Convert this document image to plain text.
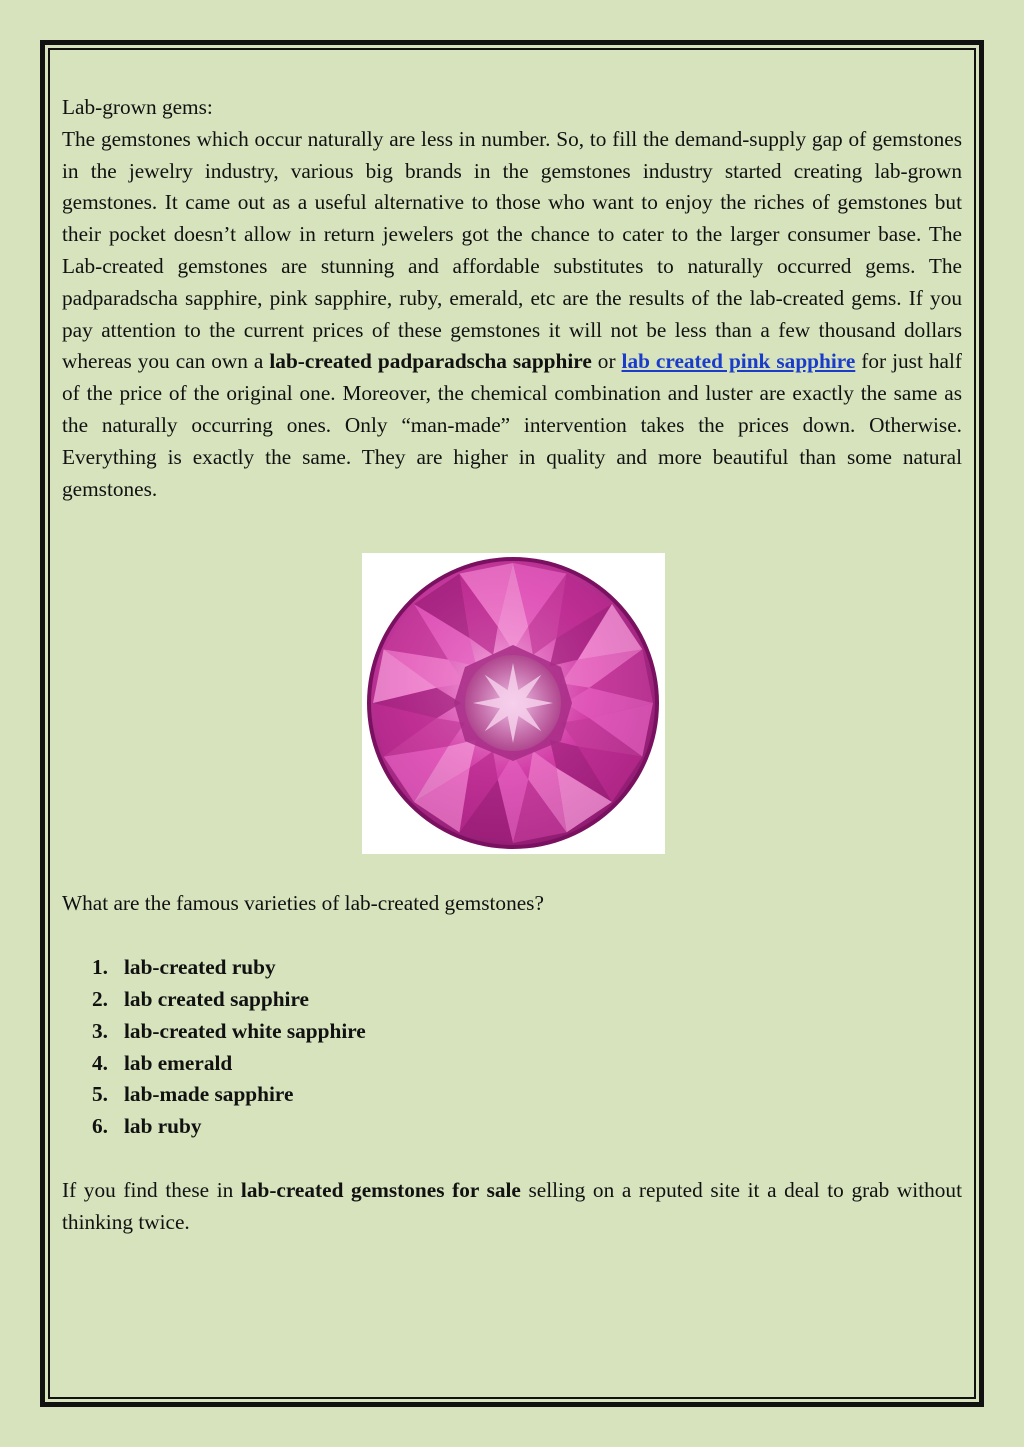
Lab-grown gems:

The gemstones which occur naturally are less in number. So, to fill the demand-supply gap of gemstones in the jewelry industry, various big brands in the gemstones industry started creating lab-grown gemstones. It came out as a useful alternative to those who want to enjoy the riches of gemstones but their pocket doesn’t allow in return jewelers got the chance to cater to the larger consumer base. The Lab-created gemstones are stunning and affordable substitutes to naturally occurred gems. The padparadscha sapphire, pink sapphire, ruby, emerald, etc are the results of the lab-created gems. If you pay attention to the current prices of these gemstones it will not be less than a few thousand dollars whereas you can own a lab-created padparadscha sapphire or lab created pink sapphire for just half of the price of the original one. Moreover, the chemical combination and luster are exactly the same as the naturally occurring ones. Only “man-made” intervention takes the prices down. Otherwise. Everything is exactly the same. They are higher in quality and more beautiful than some natural gemstones.

What are the famous varieties of lab-created gemstones?

1. lab-created ruby
2. lab created sapphire
3. lab-created white sapphire
4. lab emerald
5. lab-made sapphire
6. lab ruby

If you find these in lab-created gemstones for sale selling on a reputed site it a deal to grab without thinking twice.
